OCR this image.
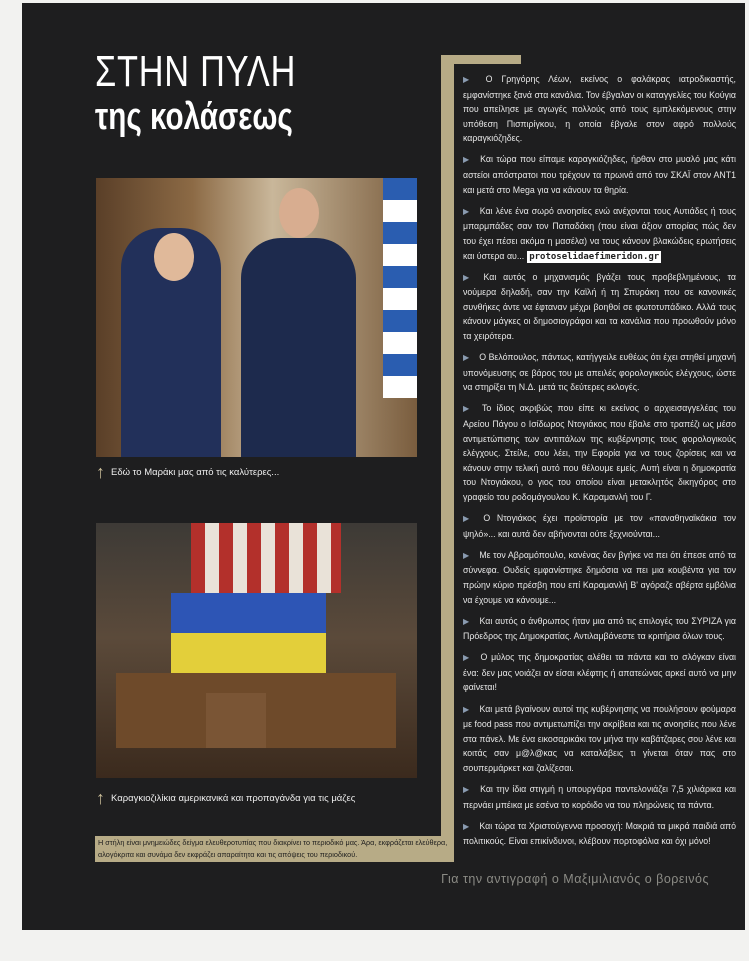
ΣΤΗΝ ΠΥΛΗ
της κολάσεως
↑ Εδώ το Μαράκι μας από τις καλύτερες...
↑ Καραγκιοζιλίκια αμερικανικά και προπαγάνδα για τις μάζες
Η στήλη είναι μνημειώδες δείγμα ελευθεροτυπίας που διακρίνει το περιοδικό μας. Άρα, εκφράζεται ελεύθερα, αλογόκριτα και συνάμα δεν εκφράζει απαραίτητα και τις απόψεις του περιοδικού.

▶ Ο Γρηγόρης Λέων, εκείνος ο φαλάκρας ιατροδικαστής, εμφανίστηκε ξανά στα κανάλια. Τον έβγαλαν οι καταγγελίες του Κούγια που απείλησε με αγωγές πολλούς από τους εμπλεκόμενους στην υπόθεση Πισπιρίγκου, η οποία έβγαλε στον αφρό πολλούς καραγκιόζηδες.

▶ Και τώρα που είπαμε καραγκιόζηδες, ήρθαν στο μυαλό μας κάτι αστείοι απόστρατοι που τρέχουν τα πρωινά από τον ΣΚΑΪ στον ΑΝΤ1 και μετά στο Mega για να κάνουν τα θηρία.

▶ Και λένε ένα σωρό ανοησίες ενώ ανέχονται τους Αυτιάδες ή τους μπαρμπάδες σαν τον Παπαδάκη (που είναι άξιον απορίας πώς δεν του έχει πέσει ακόμα η μασέλα) να τους κάνουν βλακώδεις ερωτήσεις και ύστερα αυ... protoselidaefimeridon.gr

▶ Και αυτός ο μηχανισμός βγάζει τους προβεβλημένους, τα νούμερα δηλαδή, σαν την Καϊλή ή τη Σπυράκη που σε κανονικές συνθήκες άντε να έφταναν μέχρι βοηθοί σε φωτοτυπάδικο. Αλλά τους κάνουν μάγκες οι δημοσιογράφοι και τα κανάλια που προωθούν μόνο τα χειρότερα.

▶ Ο Βελόπουλος, πάντως, κατήγγειλε ευθέως ότι έχει στηθεί μηχανή υπονόμευσης σε βάρος του με απειλές φορολογικούς ελέγχους, ώστε να στηρίξει τη Ν.Δ. μετά τις δεύτερες εκλογές.

▶ Το ίδιος ακριβώς που είπε κι εκείνος ο αρχιεισαγγελέας του Αρείου Πάγου ο Ισίδωρος Ντογιάκος που έβαλε στο τραπέζι ως μέσο αντιμετώπισης των αντιπάλων της κυβέρνησης τους φορολογικούς ελέγχους. Στείλε, σου λέει, την Εφορία για να τους ζορίσεις και να κάνουν στην τελική αυτό που θέλουμε εμείς. Αυτή είναι η δημοκρατία του Ντογιάκου, ο γιος του οποίου είναι μετακλητός δικηγόρος στο γραφείο του ροδομάγουλου Κ. Καραμανλή του Γ.

▶ Ο Ντογιάκος έχει προϊστορία με τον «παναθηναϊκάκια τον ψηλό»... και αυτά δεν αβήνονται ούτε ξεχνιούνται...

▶ Με τον Αβραμόπουλο, κανένας δεν βγήκε να πει ότι έπεσε από τα σύννεφα. Ουδείς εμφανίστηκε δημόσια να πει μια κουβέντα για τον πρώην κύριο πρέσβη που επί Καραμανλή Β' αγόραζε αβέρτα εμβόλια να έχουμε να κάνουμε...

▶ Και αυτός ο άνθρωπος ήταν μια από τις επιλογές του ΣΥΡΙΖΑ για Πρόεδρος της Δημοκρατίας. Αντιλαμβάνεστε τα κριτήρια όλων τους.

▶ Ο μύλος της δημοκρατίας αλέθει τα πάντα και το σλόγκαν είναι ένα: δεν μας νοιάζει αν είσαι κλέφτης ή απατεώνας αρκεί αυτό να μην φαίνεται!

▶ Και μετά βγαίνουν αυτοί της κυβέρνησης να πουλήσουν φούμαρα με food pass που αντιμετωπίζει την ακρίβεια και τις ανοησίες που λένε στα πάνελ. Με ένα εικοσαρικάκι τον μήνα την καβάτζαρες σου λένε και κοιτάς σαν μ@λ@κας να καταλάβεις τι γίνεται όταν πας στο σουπερμάρκετ και ζαλίζεσαι.

▶ Και την ίδια στιγμή η υπουργάρα παντελονιάζει 7,5 χιλιάρικα και περνάει μπέικα με εσένα το κορόιδο να του πληρώνεις τα πάντα.

▶ Και τώρα τα Χριστούγεννα προσοχή: Μακριά τα μικρά παιδιά από πολιτικούς. Είναι επικίνδυνοι, κλέβουν πορτοφόλια και όχι μόνο!

Για την αντιγραφή ο Μαξιμιλιανός ο βορεινός
